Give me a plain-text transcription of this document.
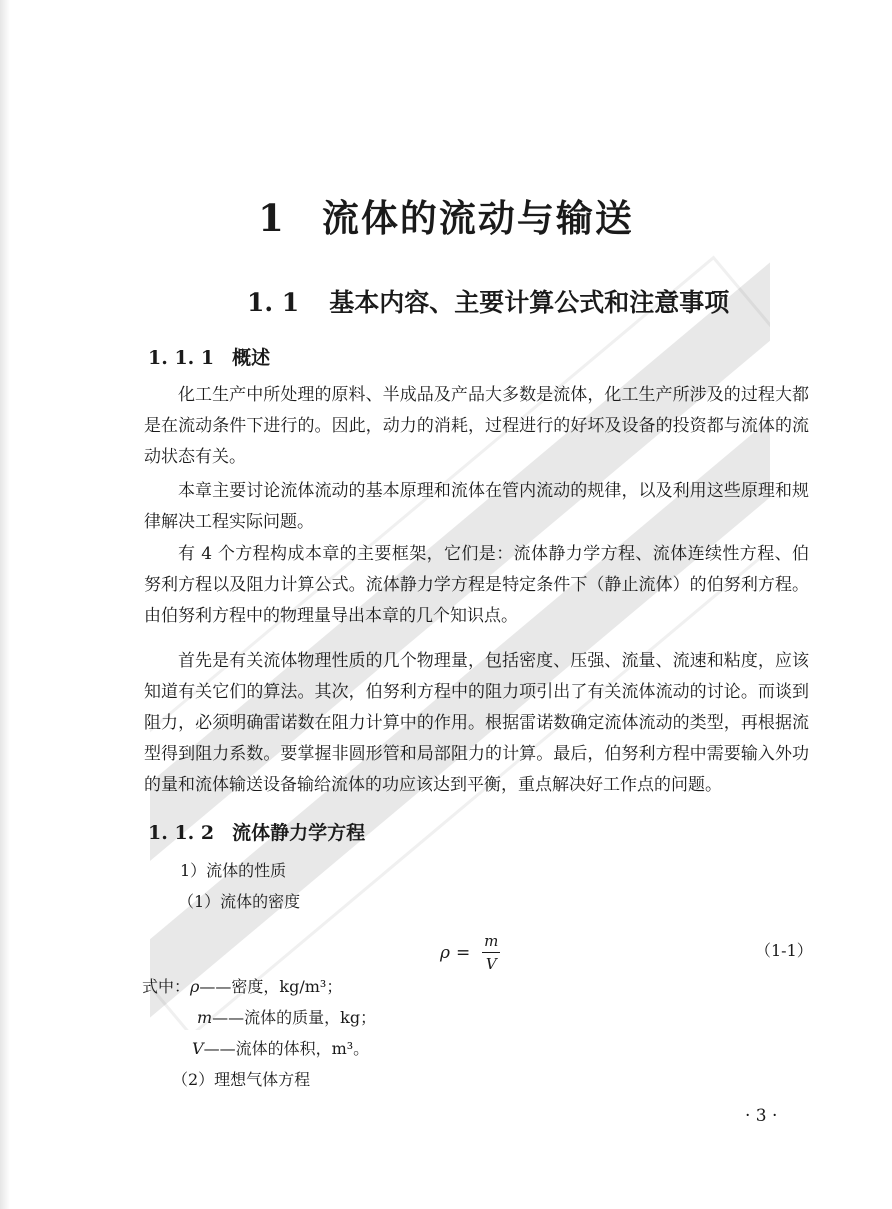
1 流体的流动与输送
1. 1 基本内容、主要计算公式和注意事项
1. 1. 1 概述
化工生产中所处理的原料、半成品及产品大多数是流体，化工生产所涉及的过程大都是在流动条件下进行的。因此，动力的消耗，过程进行的好坏及设备的投资都与流体的流动状态有关。
本章主要讨论流体流动的基本原理和流体在管内流动的规律，以及利用这些原理和规律解决工程实际问题。
有 4 个方程构成本章的主要框架，它们是：流体静力学方程、流体连续性方程、伯努利方程以及阻力计算公式。流体静力学方程是特定条件下（静止流体）的伯努利方程。由伯努利方程中的物理量导出本章的几个知识点。
首先是有关流体物理性质的几个物理量，包括密度、压强、流量、流速和粘度，应该知道有关它们的算法。其次，伯努利方程中的阻力项引出了有关流体流动的讨论。而谈到阻力，必须明确雷诺数在阻力计算中的作用。根据雷诺数确定流体流动的类型，再根据流型得到阻力系数。要掌握非圆形管和局部阻力的计算。最后，伯努利方程中需要输入外功的量和流体输送设备输给流体的功应该达到平衡，重点解决好工作点的问题。
1. 1. 2 流体静力学方程
1）流体的性质
（1）流体的密度
$\rho = \frac{m}{V}$	（1-1）
式中：ρ——密度，kg/m³；
m——流体的质量，kg；
V——流体的体积，m³。
（2）理想气体方程
· 3 ·
